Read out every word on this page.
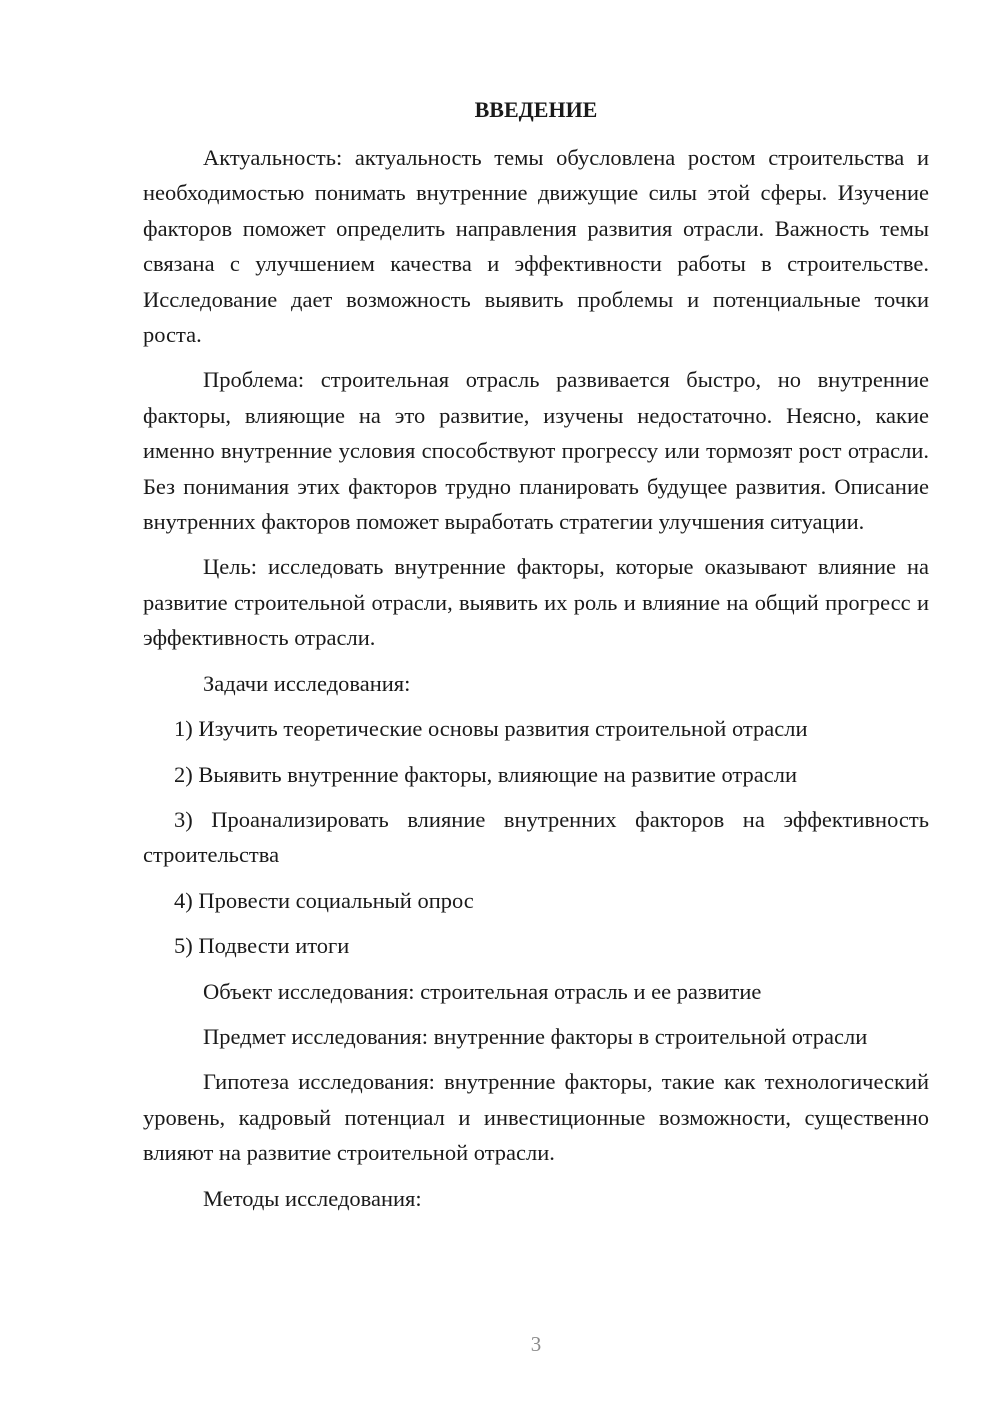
ВВЕДЕНИЕ

Актуальность: актуальность темы обусловлена ростом строительства и необходимостью понимать внутренние движущие силы этой сферы. Изучение факторов поможет определить направления развития отрасли. Важность темы связана с улучшением качества и эффективности работы в строительстве. Исследование дает возможность выявить проблемы и потенциальные точки роста.

Проблема: строительная отрасль развивается быстро, но внутренние факторы, влияющие на это развитие, изучены недостаточно. Неясно, какие именно внутренние условия способствуют прогрессу или тормозят рост отрасли. Без понимания этих факторов трудно планировать будущее развития. Описание внутренних факторов поможет выработать стратегии улучшения ситуации.

Цель: исследовать внутренние факторы, которые оказывают влияние на развитие строительной отрасли, выявить их роль и влияние на общий прогресс и эффективность отрасли.

Задачи исследования:

1) Изучить теоретические основы развития строительной отрасли

2) Выявить внутренние факторы, влияющие на развитие отрасли

3) Проанализировать влияние внутренних факторов на эффективность строительства

4) Провести социальный опрос

5) Подвести итоги

Объект исследования: строительная отрасль и ее развитие

Предмет исследования: внутренние факторы в строительной отрасли

Гипотеза исследования: внутренние факторы, такие как технологический уровень, кадровый потенциал и инвестиционные возможности, существенно влияют на развитие строительной отрасли.

Методы исследования:

3
